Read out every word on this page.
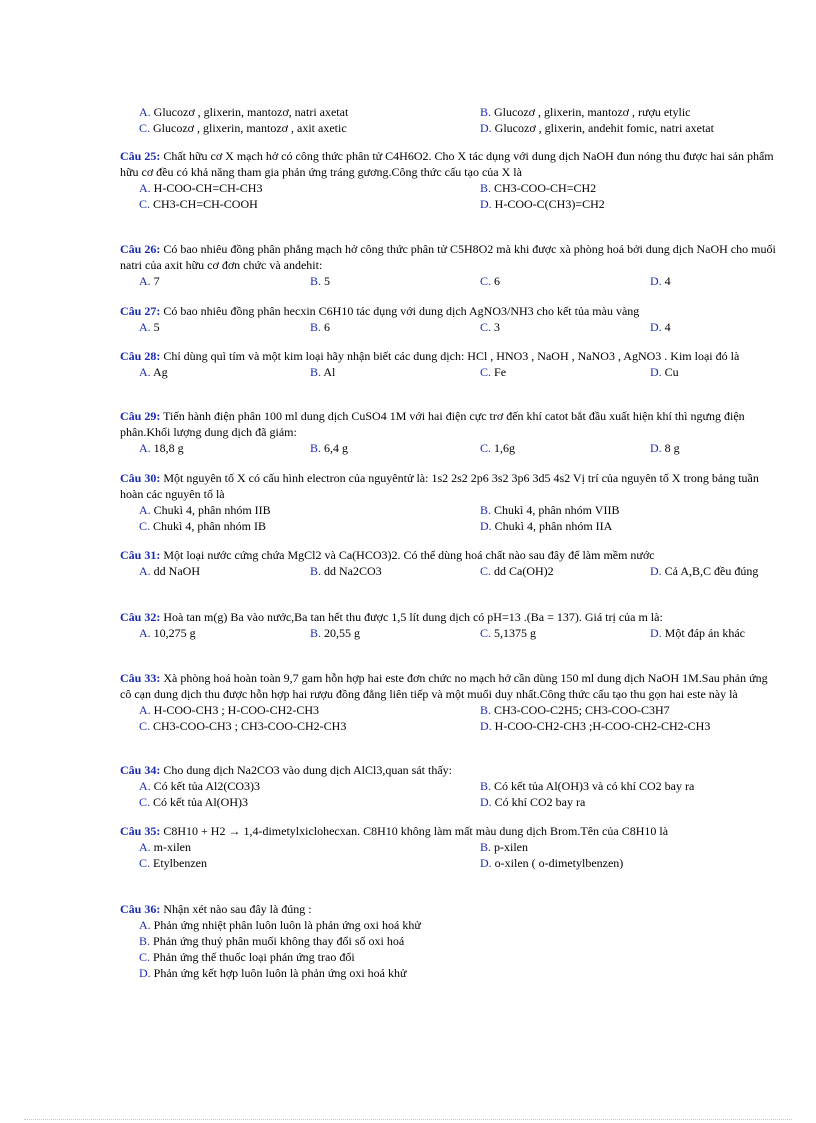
A. Glucozơ , glixerin, mantozơ, natri axetat	B. Glucozơ , glixerin, mantozơ , rượu etylic
C. Glucozơ , glixerin, mantozơ , axit axetic	D. Glucozơ , glixerin, andehit fomic, natri axetat
Câu 25: Chất hữu cơ X mạch hở có công thức phân tử C4H6O2. Cho X tác dụng với dung dịch NaOH đun nóng thu được hai sản phẩm hữu cơ đều có khả năng tham gia phản ứng tráng gương.Công thức cấu tạo của X là
A. H-COO-CH=CH-CH3	B. CH3-COO-CH=CH2
C. CH3-CH=CH-COOH	D. H-COO-C(CH3)=CH2
Câu 26: Có bao nhiêu đồng phân phẳng mạch hở công thức phân tử C5H8O2 mà khi được xà phòng hoá bởi dung dịch NaOH cho muối natri của axit hữu cơ đơn chức và andehit:
A. 7	B. 5	C. 6	D. 4
Câu 27: Có bao nhiêu đồng phân hecxin C6H10 tác dụng với dung dịch AgNO3/NH3 cho kết tủa màu vàng
A. 5	B. 6	C. 3	D. 4
Câu 28: Chỉ dùng quì tím và một kim loại hãy nhận biết các dung dịch: HCl , HNO3 , NaOH , NaNO3 , AgNO3 . Kim loại đó là
A. Ag	B. Al	C. Fe	D. Cu
Câu 29: Tiến hành điện phân 100 ml dung dịch CuSO4 1M với hai điện cực trơ đến khí catot bắt đầu xuất hiện khí thì ngưng điện phân.Khối lượng dung dịch đã giảm:
A. 18,8 g	B. 6,4 g	C. 1,6g	D. 8 g
Câu 30: Một nguyên tố X có cấu hình electron của nguyêntử là: 1s2 2s2 2p6 3s2 3p6 3d5 4s2 Vị trí của nguyên tố X trong bảng tuần hoàn các nguyên tố là
A. Chukì 4, phân nhóm IIB	B. Chukì 4, phân nhóm VIIB
C. Chukì 4, phân nhóm IB	D. Chukì 4, phân nhóm IIA
Câu 31: Một loại nước cứng chứa MgCl2 và Ca(HCO3)2. Có thể dùng hoá chất nào sau đây để làm mềm nước
A. dd NaOH	B. dd Na2CO3	C. dd Ca(OH)2	D. Cả A,B,C đều đúng
Câu 32: Hoà tan m(g) Ba vào nước,Ba tan hết thu được 1,5 lít dung dịch có pH=13 .(Ba = 137). Giá trị của m là:
A. 10,275 g	B. 20,55 g	C. 5,1375 g	D. Một đáp án khác
Câu 33: Xà phòng hoá hoàn toàn 9,7 gam hỗn hợp hai este đơn chức no mạch hở cần dùng 150 ml dung dịch NaOH 1M.Sau phản ứng cô cạn dung dịch thu được hỗn hợp hai rượu đồng đẳng liên tiếp và một muối duy nhất.Công thức cấu tạo thu gọn hai este này là
A. H-COO-CH3 ; H-COO-CH2-CH3	B. CH3-COO-C2H5; CH3-COO-C3H7
C. CH3-COO-CH3 ; CH3-COO-CH2-CH3	D. H-COO-CH2-CH3 ;H-COO-CH2-CH2-CH3
Câu 34: Cho dung dịch Na2CO3 vào dung dịch AlCl3,quan sát thấy:
A. Có kết tủa Al2(CO3)3	B. Có kết tủa Al(OH)3 và có khí CO2 bay ra
C. Có kết tủa Al(OH)3	D. Có khí CO2 bay ra
Câu 35: C8H10 + H2 → 1,4-dimetylxiclohecxan. C8H10 không làm mất màu dung dịch Brom.Tên của C8H10 là
A. m-xilen	B. p-xilen
C. Etylbenzen	D. o-xilen ( o-dimetylbenzen)
Câu 36: Nhận xét nào sau đây là đúng :
A. Phản ứng nhiệt phân luôn luôn là phản ứng oxi hoá khử
B. Phản ứng thuỷ phân muối không thay đổi số oxi hoá
C. Phản ứng thế thuốc loại phản ứng trao đổi
D. Phản ứng kết hợp luôn luôn là phản ứng oxi hoá khử
